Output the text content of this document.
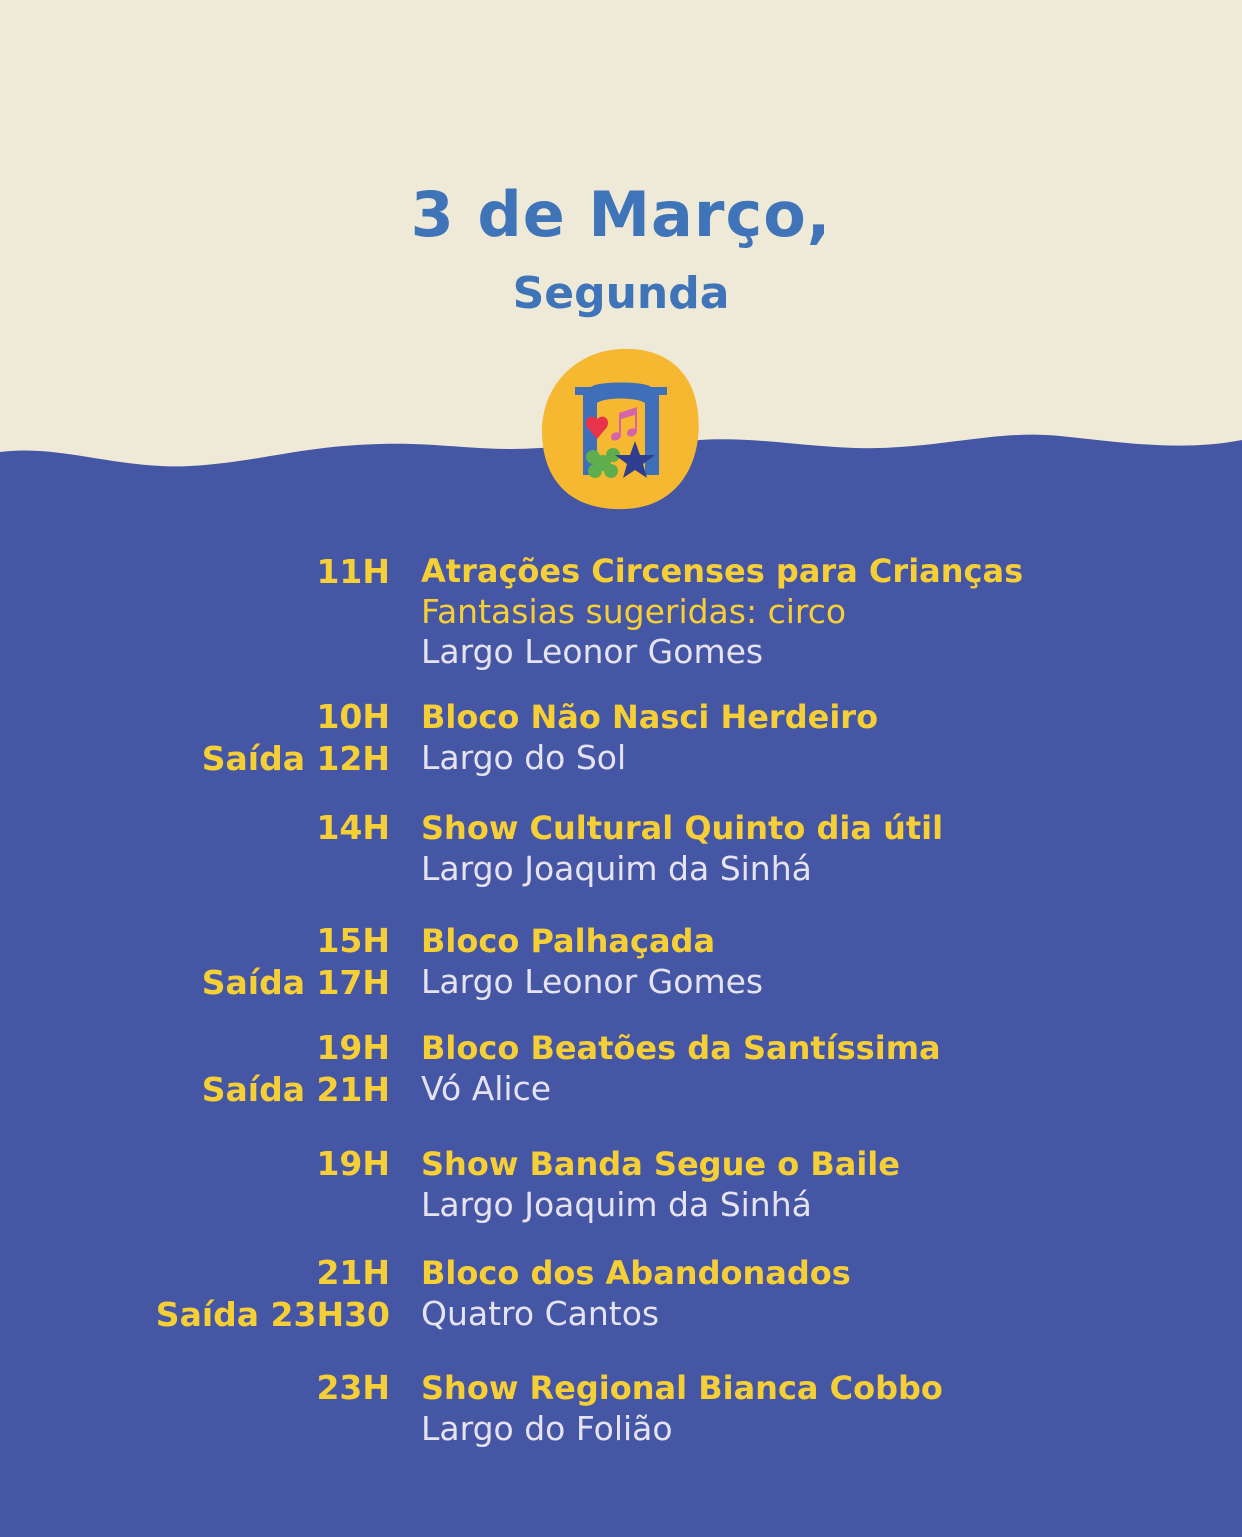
3 de Março,
Segunda
11H Atrações Circenses para Crianças
Fantasias sugeridas: circo
Largo Leonor Gomes
10H
Saída 12H
Bloco Não Nasci Herdeiro
Largo do Sol
14H Show Cultural Quinto dia útil
Largo Joaquim da Sinhá
15H
Saída 17H
Bloco Palhaçada
Largo Leonor Gomes
19H
Saída 21H
Bloco Beatões da Santíssima
Vó Alice
19H Show Banda Segue o Baile
Largo Joaquim da Sinhá
21H
Saída 23H30
Bloco dos Abandonados
Quatro Cantos
23H Show Regional Bianca Cobbo
Largo do Folião
